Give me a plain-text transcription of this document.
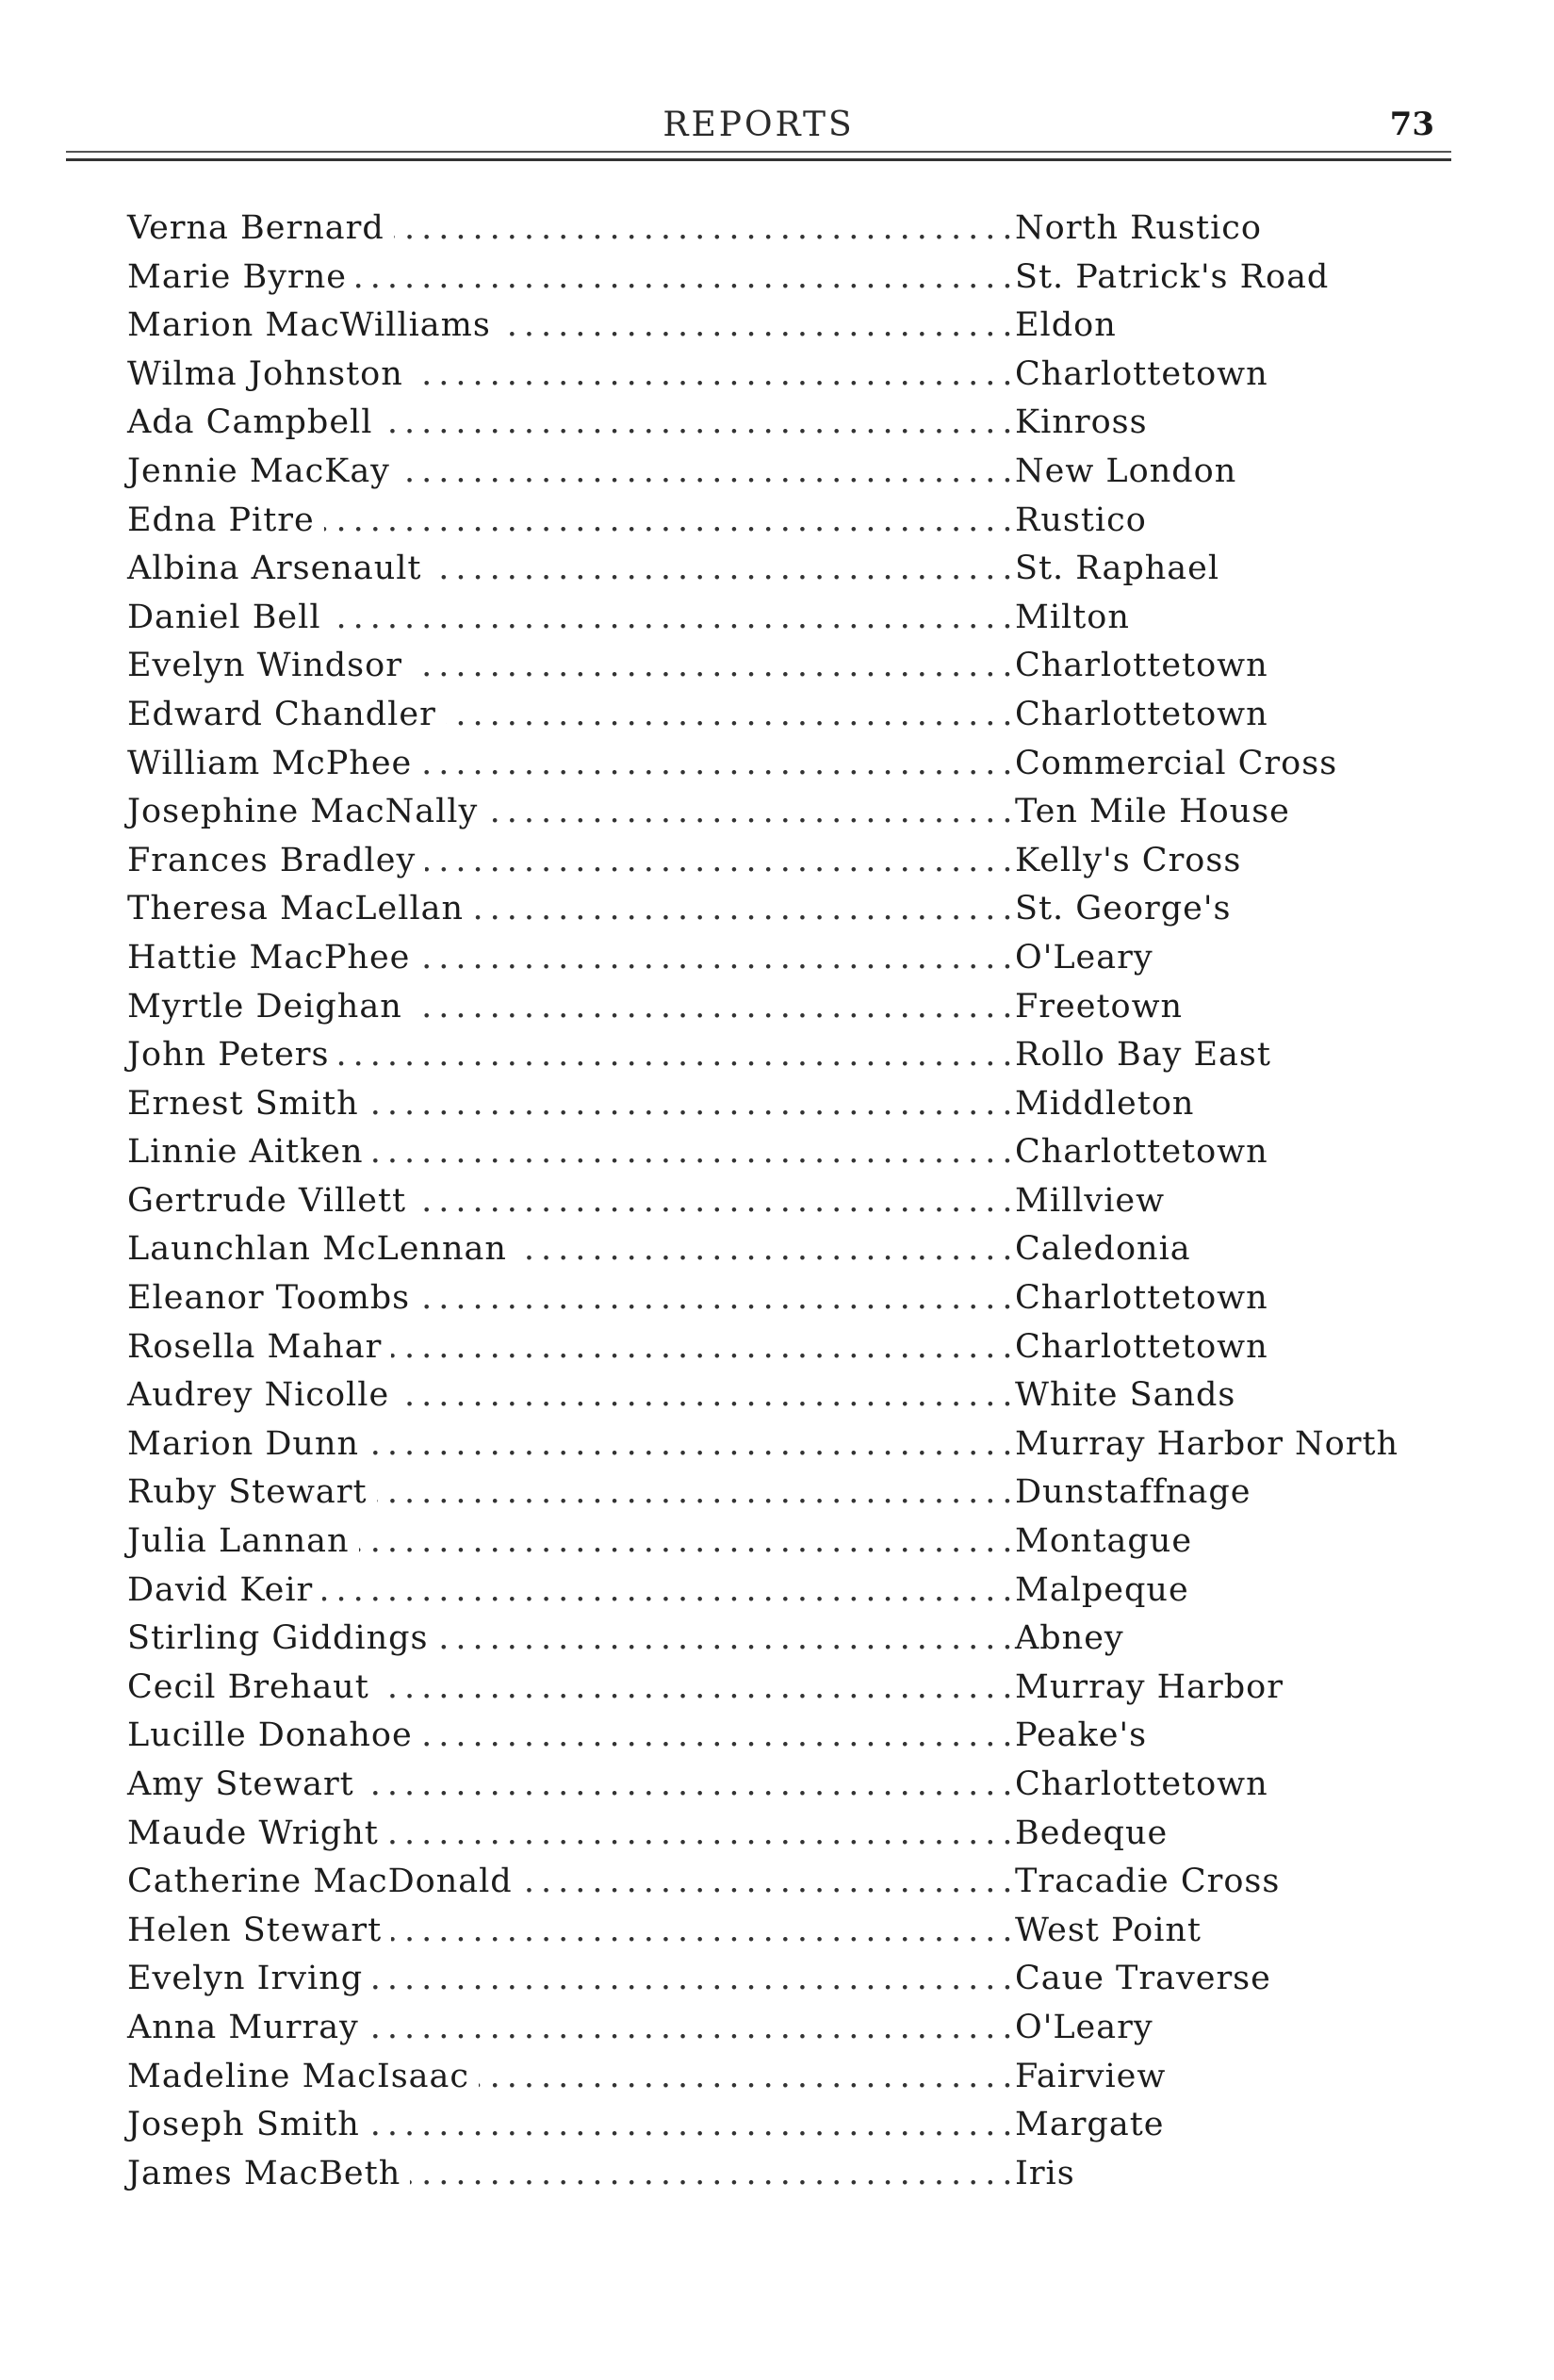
REPORTS	73
.....
Verna Bernard	North Rustico
.....
Marie Byrne	St. Patrick's Road
.....
Marion MacWilliams	Eldon
.....
Wilma Johnston	Charlottetown
.....
Ada Campbell	Kinross
.....
Jennie MacKay	New London
.....
Edna Pitre	Rustico
.....
Albina Arsenault	St. Raphael
.....
Daniel Bell	Milton
.....
Evelyn Windsor	Charlottetown
.....
Edward Chandler	Charlottetown
.....
William McPhee	Commercial Cross
.....
Josephine MacNally	Ten Mile House
.....
Frances Bradley	Kelly's Cross
.....
Theresa MacLellan	St. George's
.....
Hattie MacPhee	O'Leary
.....
Myrtle Deighan	Freetown
.....
John Peters	Rollo Bay East
.....
Ernest Smith	Middleton
.....
Linnie Aitken	Charlottetown
.....
Gertrude Villett	Millview
.....
Launchlan McLennan	Caledonia
.....
Eleanor Toombs	Charlottetown
.....
Rosella Mahar	Charlottetown
.....
Audrey Nicolle	White Sands
.....
Marion Dunn	Murray Harbor North
.....
Ruby Stewart	Dunstaffnage
.....
Julia Lannan	Montague
.....
David Keir	Malpeque
.....
Stirling Giddings	Abney
.....
Cecil Brehaut	Murray Harbor
.....
Lucille Donahoe	Peake's
.....
Amy Stewart	Charlottetown
.....
Maude Wright	Bedeque
.....
Catherine MacDonald	Tracadie Cross
.....
Helen Stewart	West Point
.....
Evelyn Irving	Caue Traverse
.....
Anna Murray	O'Leary
.....
Madeline MacIsaac	Fairview
.....
Joseph Smith	Margate
.....
James MacBeth	Iris
